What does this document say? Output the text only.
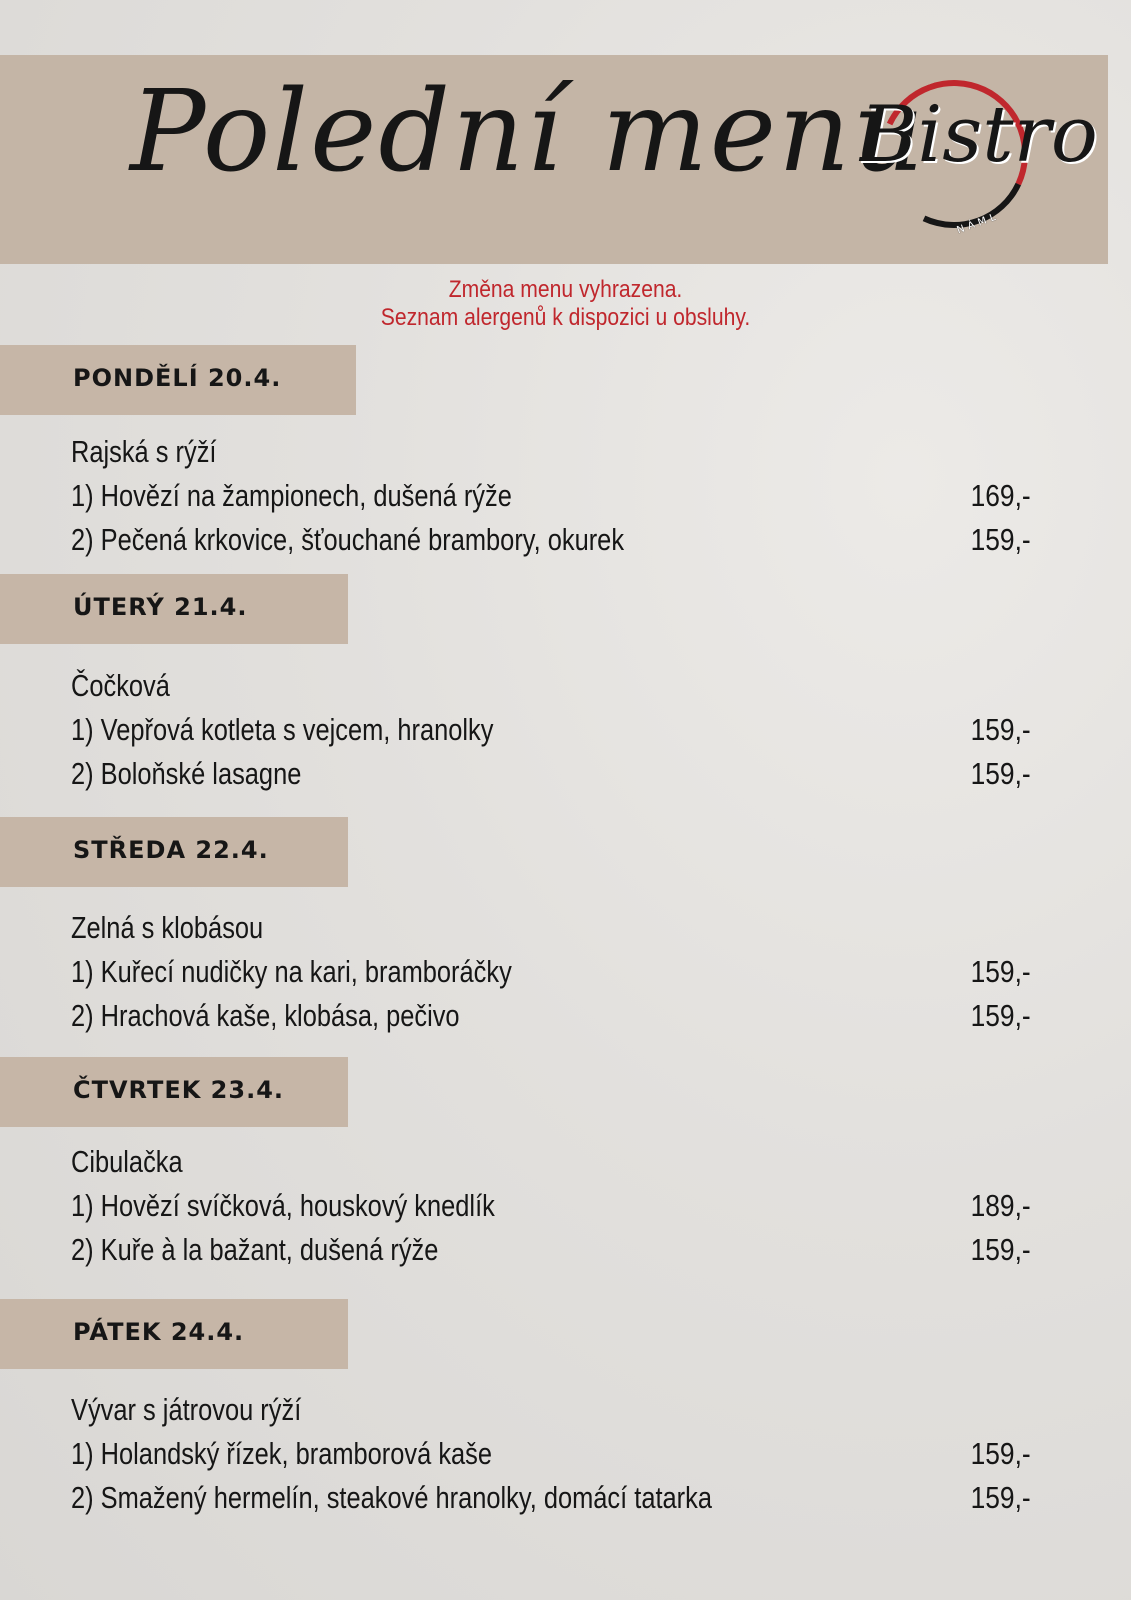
Polední menu
Bistro
NÁML
Změna menu vyhrazena.
Seznam alergenů k dispozici u obsluhy.
PONDĚLÍ 20.4.
Rajská s rýží
1) Hovězí na žampionech, dušená rýže	169,-
2) Pečená krkovice, šťouchané brambory, okurek	159,-
ÚTERÝ 21.4.
Čočková
1) Vepřová kotleta s vejcem, hranolky	159,-
2) Boloňské lasagne	159,-
STŘEDA 22.4.
Zelná s klobásou
1) Kuřecí nudičky na kari, bramboráčky	159,-
2) Hrachová kaše, klobása, pečivo	159,-
ČTVRTEK 23.4.
Cibulačka
1) Hovězí svíčková, houskový knedlík	189,-
2) Kuře à la bažant, dušená rýže	159,-
PÁTEK 24.4.
Vývar s játrovou rýží
1) Holandský řízek, bramborová kaše	159,-
2) Smažený hermelín, steakové hranolky, domácí tatarka	159,-
